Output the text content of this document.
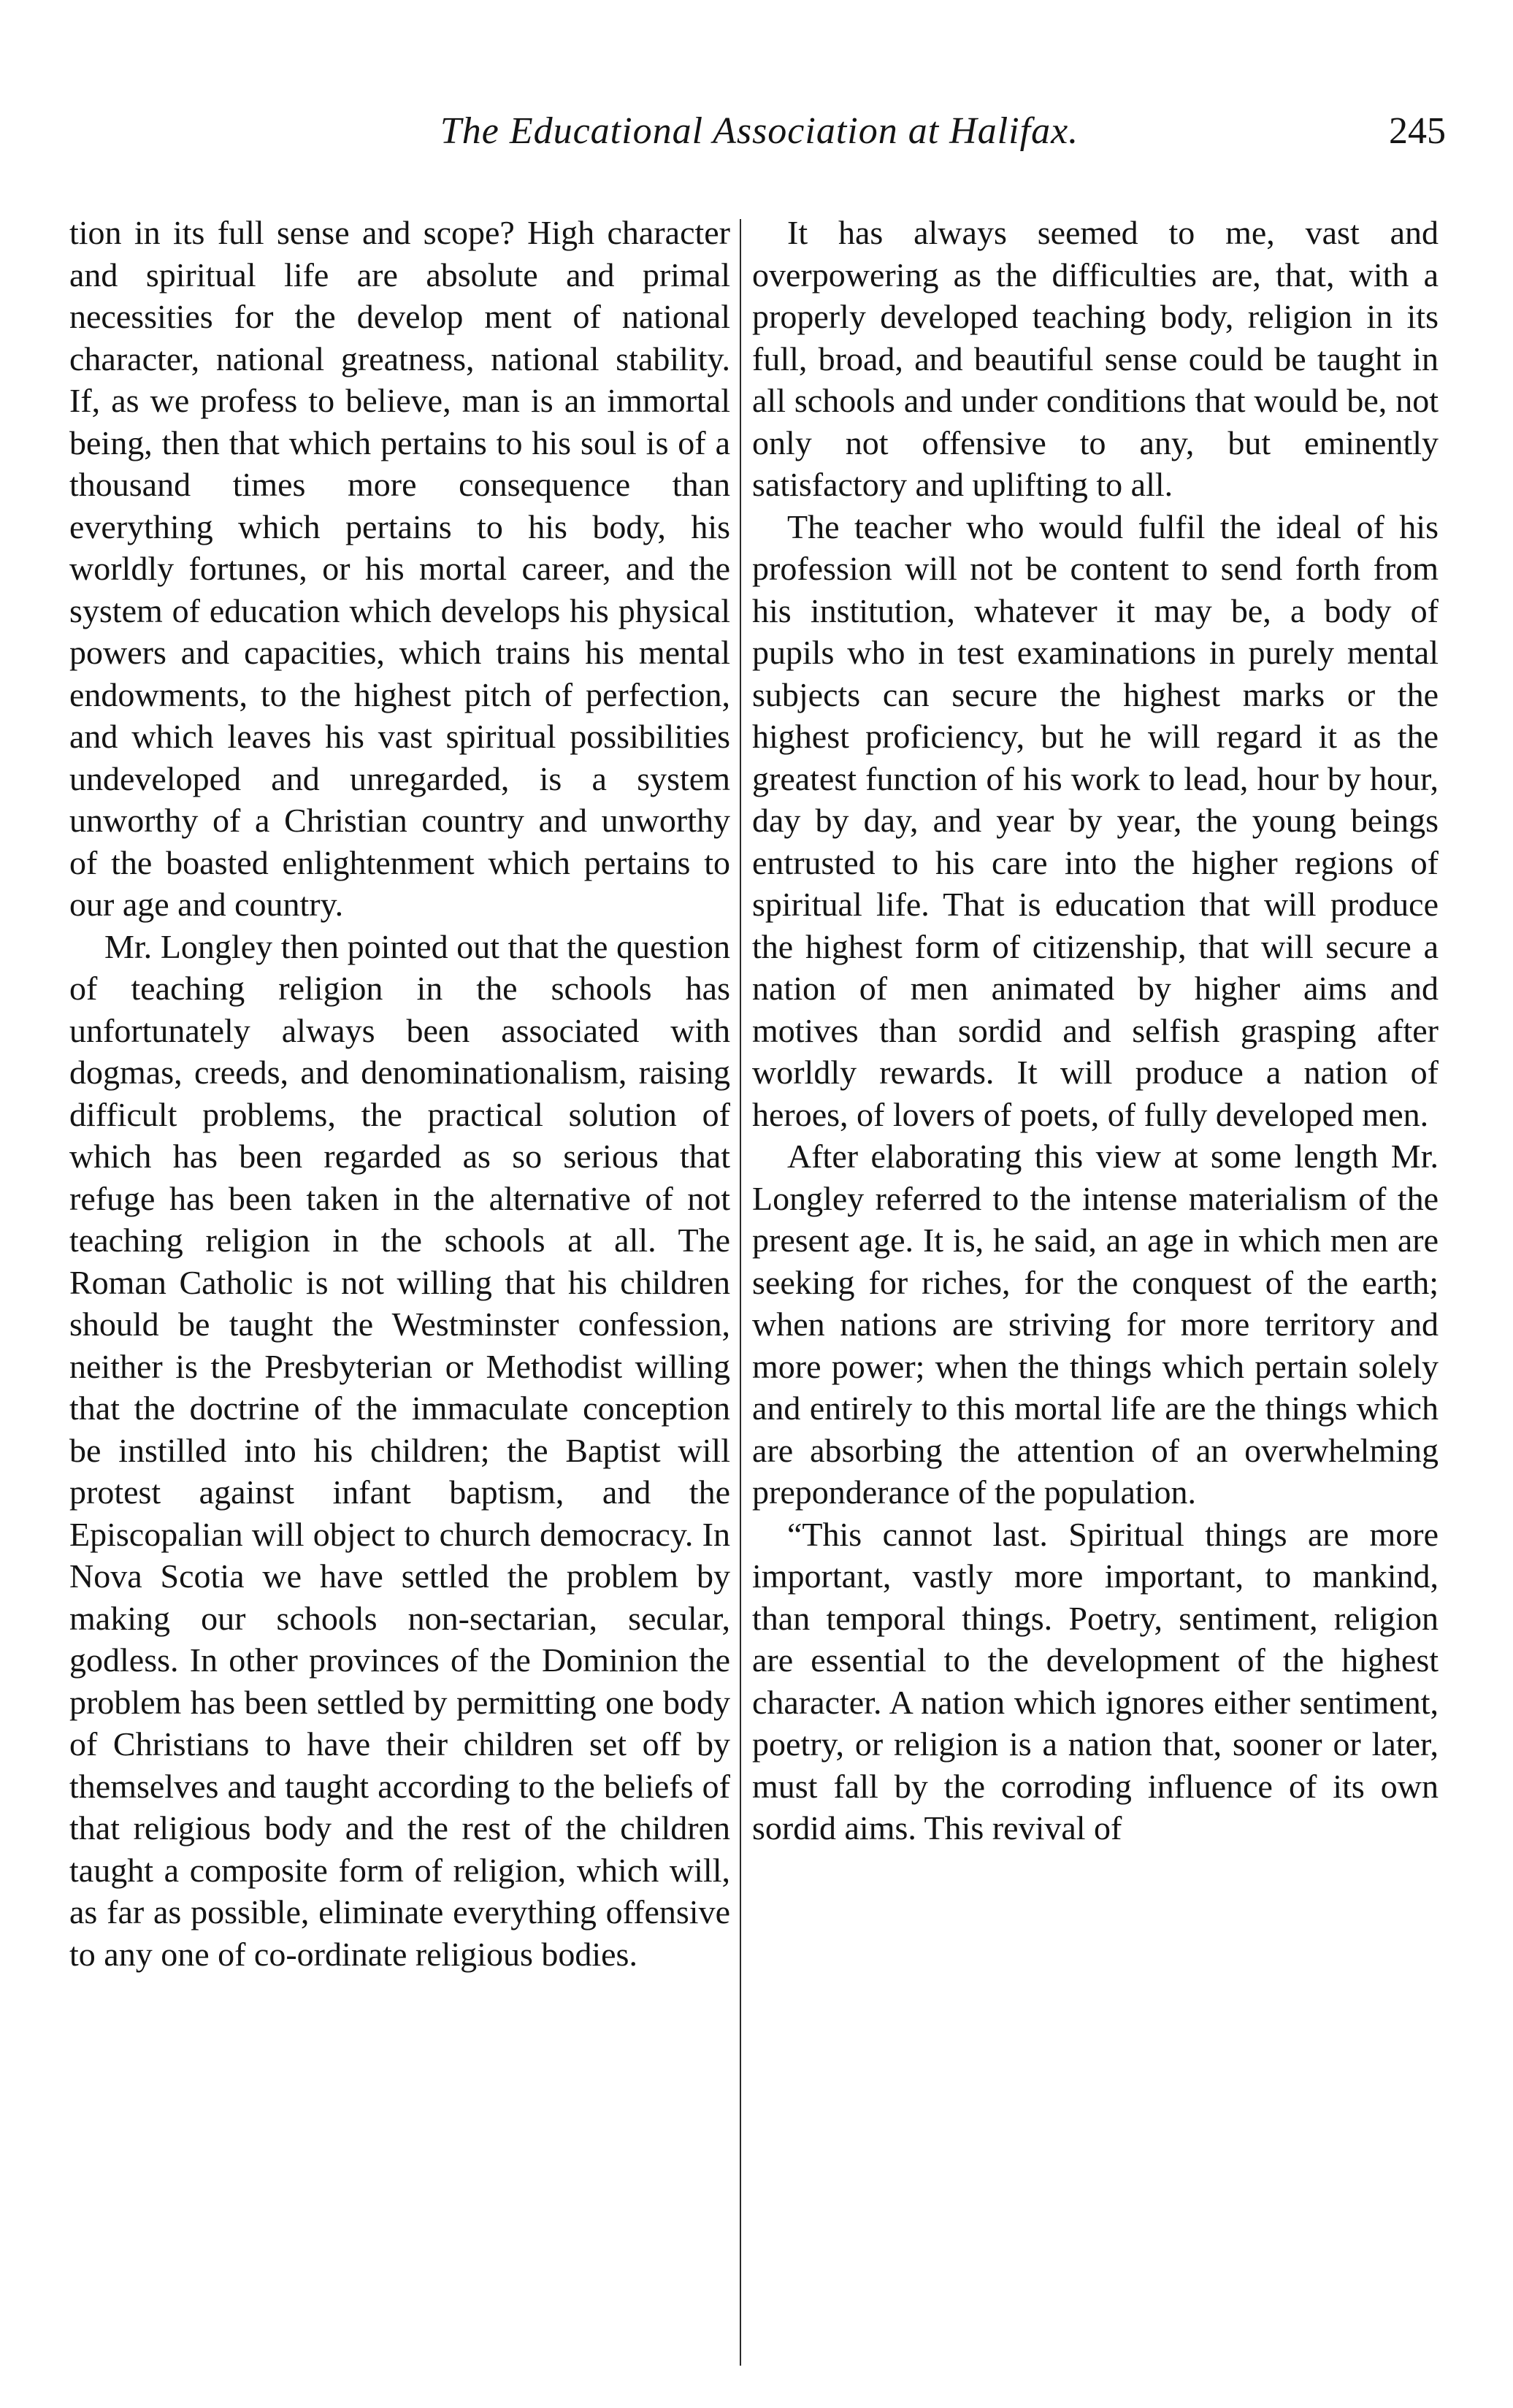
The Educational Association at Halifax.	245

tion in its full sense and scope? High character and spiritual life are absolute and primal necessities for the develop ment of national character, national greatness, national stability. If, as we profess to believe, man is an immortal being, then that which pertains to his soul is of a thousand times more consequence than everything which pertains to his body, his worldly fortunes, or his mortal career, and the system of education which develops his physical powers and capacities, which trains his mental endowments, to the highest pitch of perfection, and which leaves his vast spiritual possibilities undeveloped and unregarded, is a system unworthy of a Christian country and unworthy of the boasted enlightenment which pertains to our age and country.

Mr. Longley then pointed out that the question of teaching religion in the schools has unfortunately always been associated with dogmas, creeds, and denominationalism, raising difficult problems, the practical solution of which has been regarded as so serious that refuge has been taken in the alternative of not teaching religion in the schools at all. The Roman Catholic is not willing that his children should be taught the Westminster confession, neither is the Presbyterian or Methodist willing that the doctrine of the immaculate conception be instilled into his children; the Baptist will protest against infant baptism, and the Episcopalian will object to church democracy. In Nova Scotia we have settled the problem by making our schools non-sectarian, secular, godless. In other provinces of the Dominion the problem has been settled by permitting one body of Christians to have their children set off by themselves and taught according to the beliefs of that religious body and the rest of the children taught a composite form of religion, which will, as far as possible, eliminate everything offensive to any one of co-ordinate religious bodies.

It has always seemed to me, vast and overpowering as the difficulties are, that, with a properly developed teaching body, religion in its full, broad, and beautiful sense could be taught in all schools and under conditions that would be, not only not offensive to any, but eminently satisfactory and uplifting to all.

The teacher who would fulfil the ideal of his profession will not be content to send forth from his institution, whatever it may be, a body of pupils who in test examinations in purely mental subjects can secure the highest marks or the highest proficiency, but he will regard it as the greatest function of his work to lead, hour by hour, day by day, and year by year, the young beings entrusted to his care into the higher regions of spiritual life. That is education that will produce the highest form of citizenship, that will secure a nation of men animated by higher aims and motives than sordid and selfish grasping after worldly rewards. It will produce a nation of heroes, of lovers of poets, of fully developed men.

After elaborating this view at some length Mr. Longley referred to the intense materialism of the present age. It is, he said, an age in which men are seeking for riches, for the conquest of the earth; when nations are striving for more territory and more power; when the things which pertain solely and entirely to this mortal life are the things which are absorbing the attention of an overwhelming preponderance of the population.

“This cannot last. Spiritual things are more important, vastly more important, to mankind, than temporal things. Poetry, sentiment, religion are essential to the development of the highest character. A nation which ignores either sentiment, poetry, or religion is a nation that, sooner or later, must fall by the corroding influence of its own sordid aims. This revival of
